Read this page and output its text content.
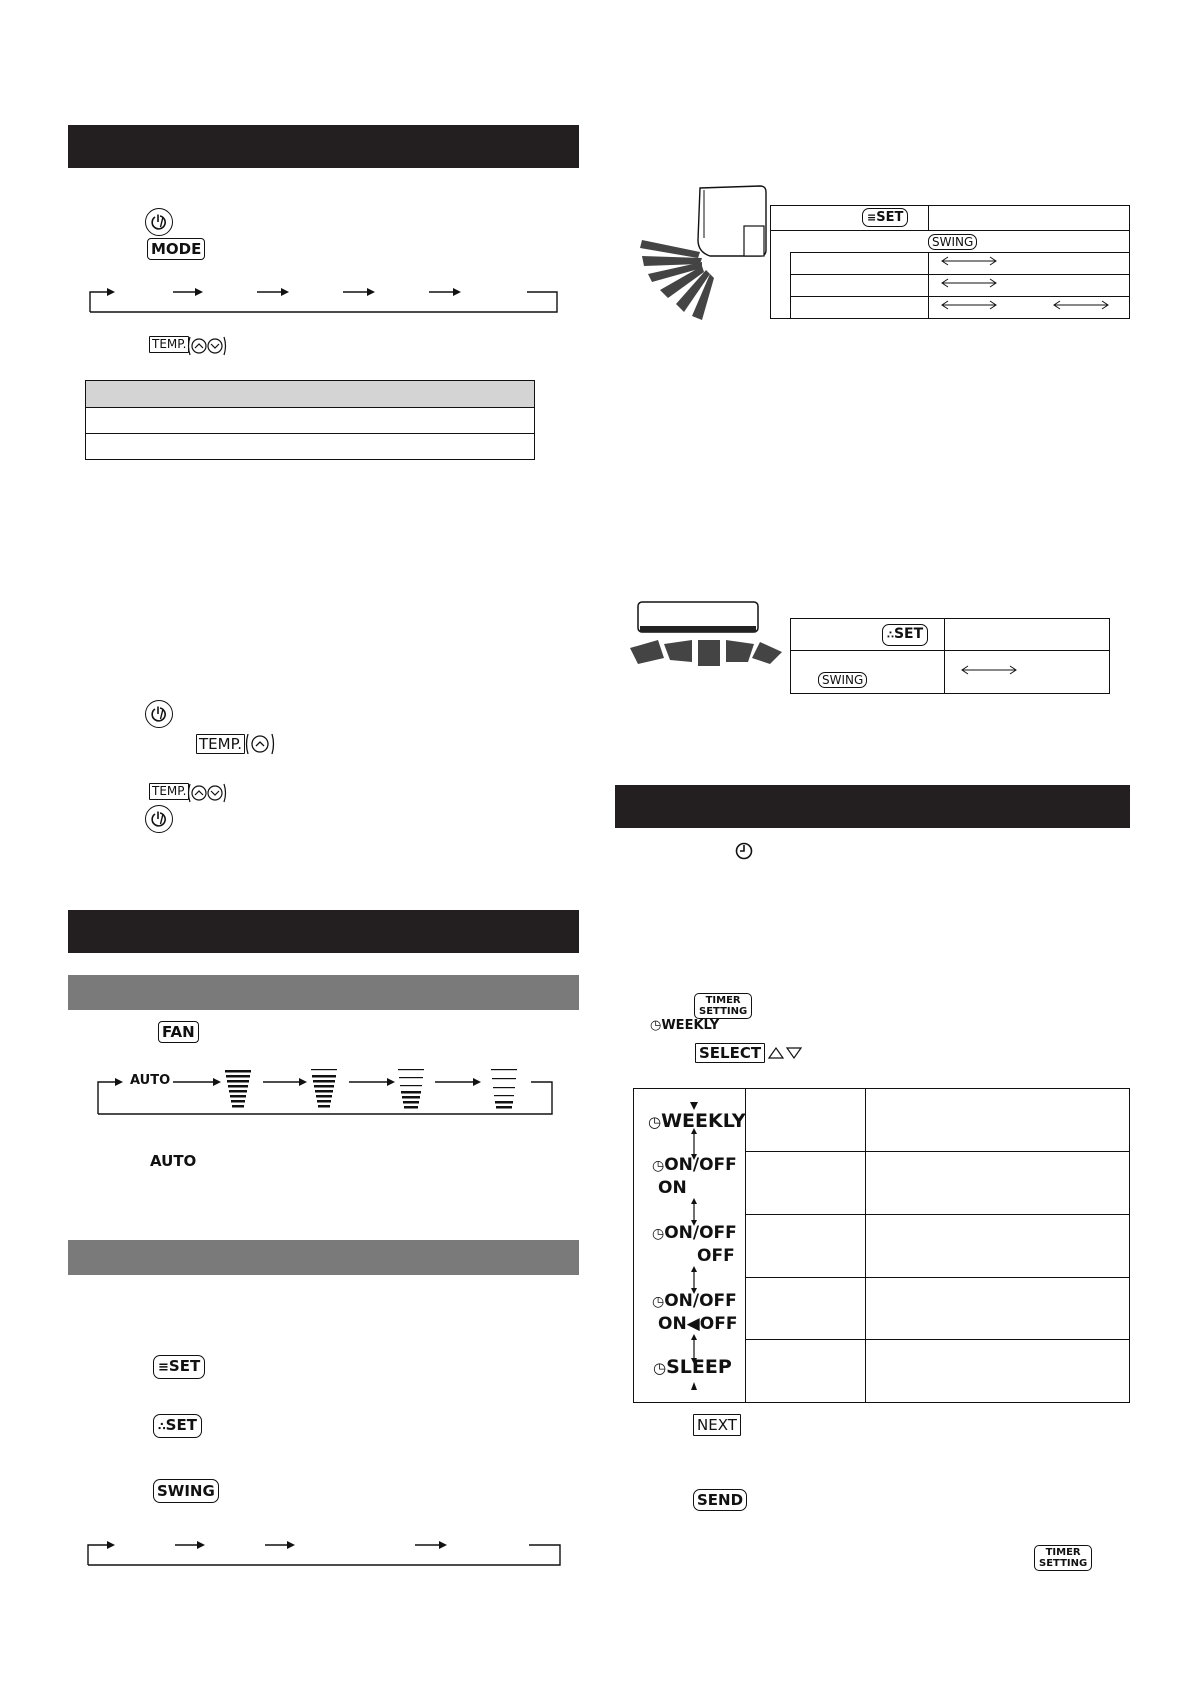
MODE
TEMP.
TEMP.
TEMP.
FAN
AUTO
AUTO
≡SET
∴SET
SWING
≡SET
SWING
∴SET
SWING
TIMER
SETTING
◷WEEKLY
SELECT
◷WEEKLY
◷ON/OFF
ON
◷ON/OFF
OFF
◷ON/OFF
ON◀OFF
◷SLEEP
NEXT
SEND
TIMER
SETTING
